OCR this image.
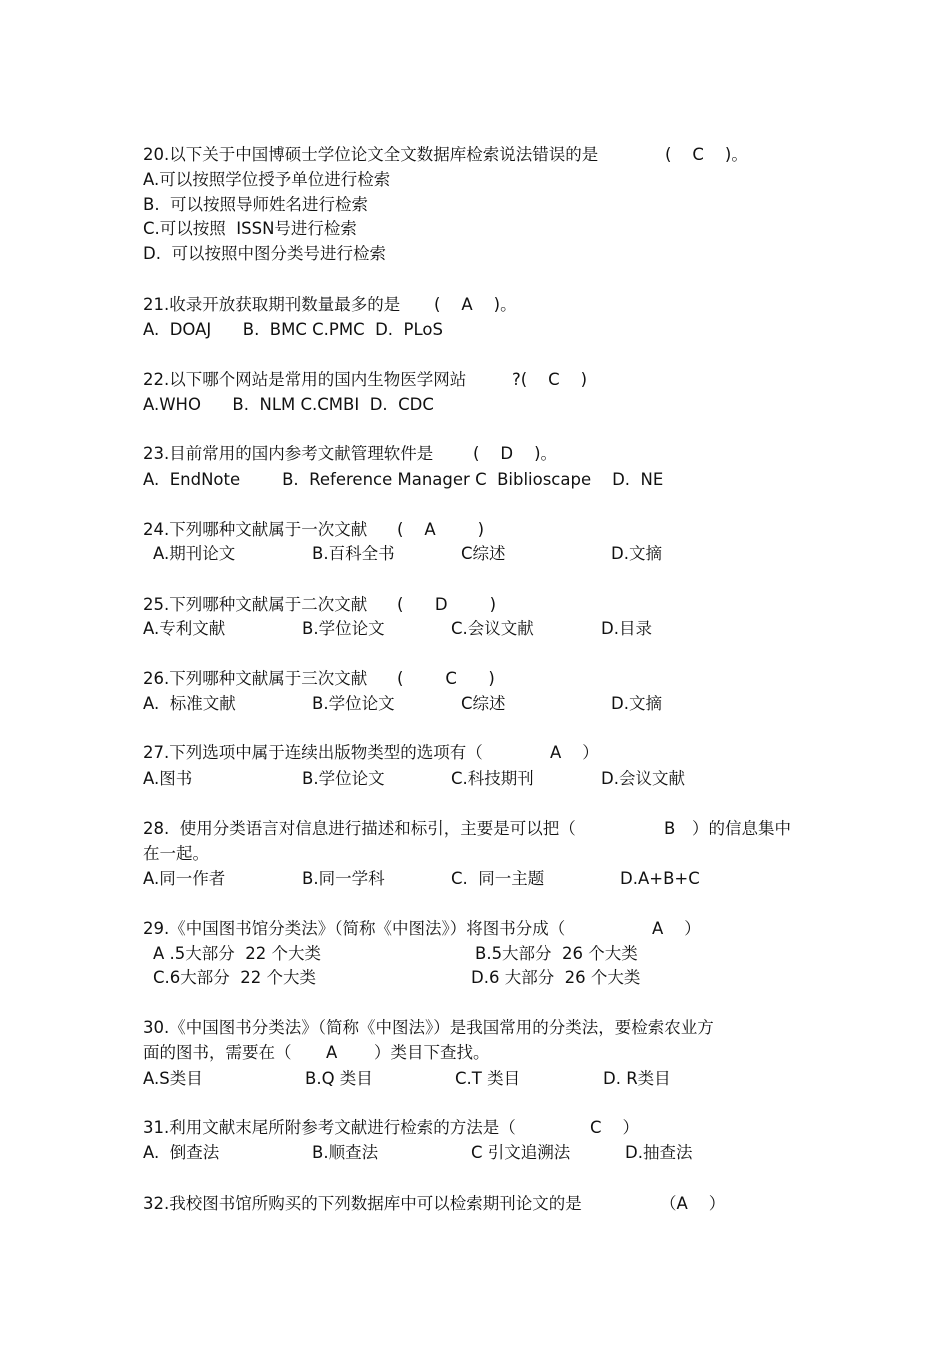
20.以下关于中国博硕士学位论文全文数据库检索说法错误的是	(    C    )。
A.可以按照学位授予单位进行检索
B.  可以按照导师姓名进行检索
C.可以按照  ISSN号进行检索
D.  可以按照中图分类号进行检索
21.收录开放获取期刊数量最多的是 (    A    )。
A.  DOAJ      B.  BMC C.PMC  D.  PLoS
22.以下哪个网站是常用的国内生物医学网站	?(    C    )
A.WHO      B.  NLM C.CMBI  D.  CDC
23.目前常用的国内参考文献管理软件是 (    D    )。
A.  EndNote        B.  Reference Manager C  Biblioscape    D.  NE
24.下列哪种文献属于一次文献 (    A        )
A.期刊论文	B.百科全书	C综述	D.文摘
25.下列哪种文献属于二次文献 (      D        )
A.专利文献	B.学位论文	C.会议文献	D.目录
26.下列哪种文献属于三次文献 (        C      )
A.  标准文献	B.学位论文	C综述	D.文摘
27.下列选项中属于连续出版物类型的选项有（	A    ）
A.图书	B.学位论文	C.科技期刊	D.会议文献
28.  使用分类语言对信息进行描述和标引，主要是可以把（	B ）的信息集中
在一起。
A.同一作者	B.同一学科	C.  同一主题	D.A+B+C
29.《中国图书馆分类法》（简称《中图法》）将图书分成（	A    ）
A .5大部分  22 个大类	B.5大部分  26 个大类
C.6大部分  22 个大类	D.6 大部分  26 个大类
30.《中国图书分类法》（简称《中图法》）是我国常用的分类法，要检索农业方
面的图书，需要在（ A ）类目下查找。
A.S类目	B.Q 类目	C.T 类目	D. R类目
31.利用文献末尾所附参考文献进行检索的方法是（	C    ）
A.  倒查法	B.顺查法	C 引文追溯法	D.抽查法
32.我校图书馆所购买的下列数据库中可以检索期刊论文的是	（A    ）
